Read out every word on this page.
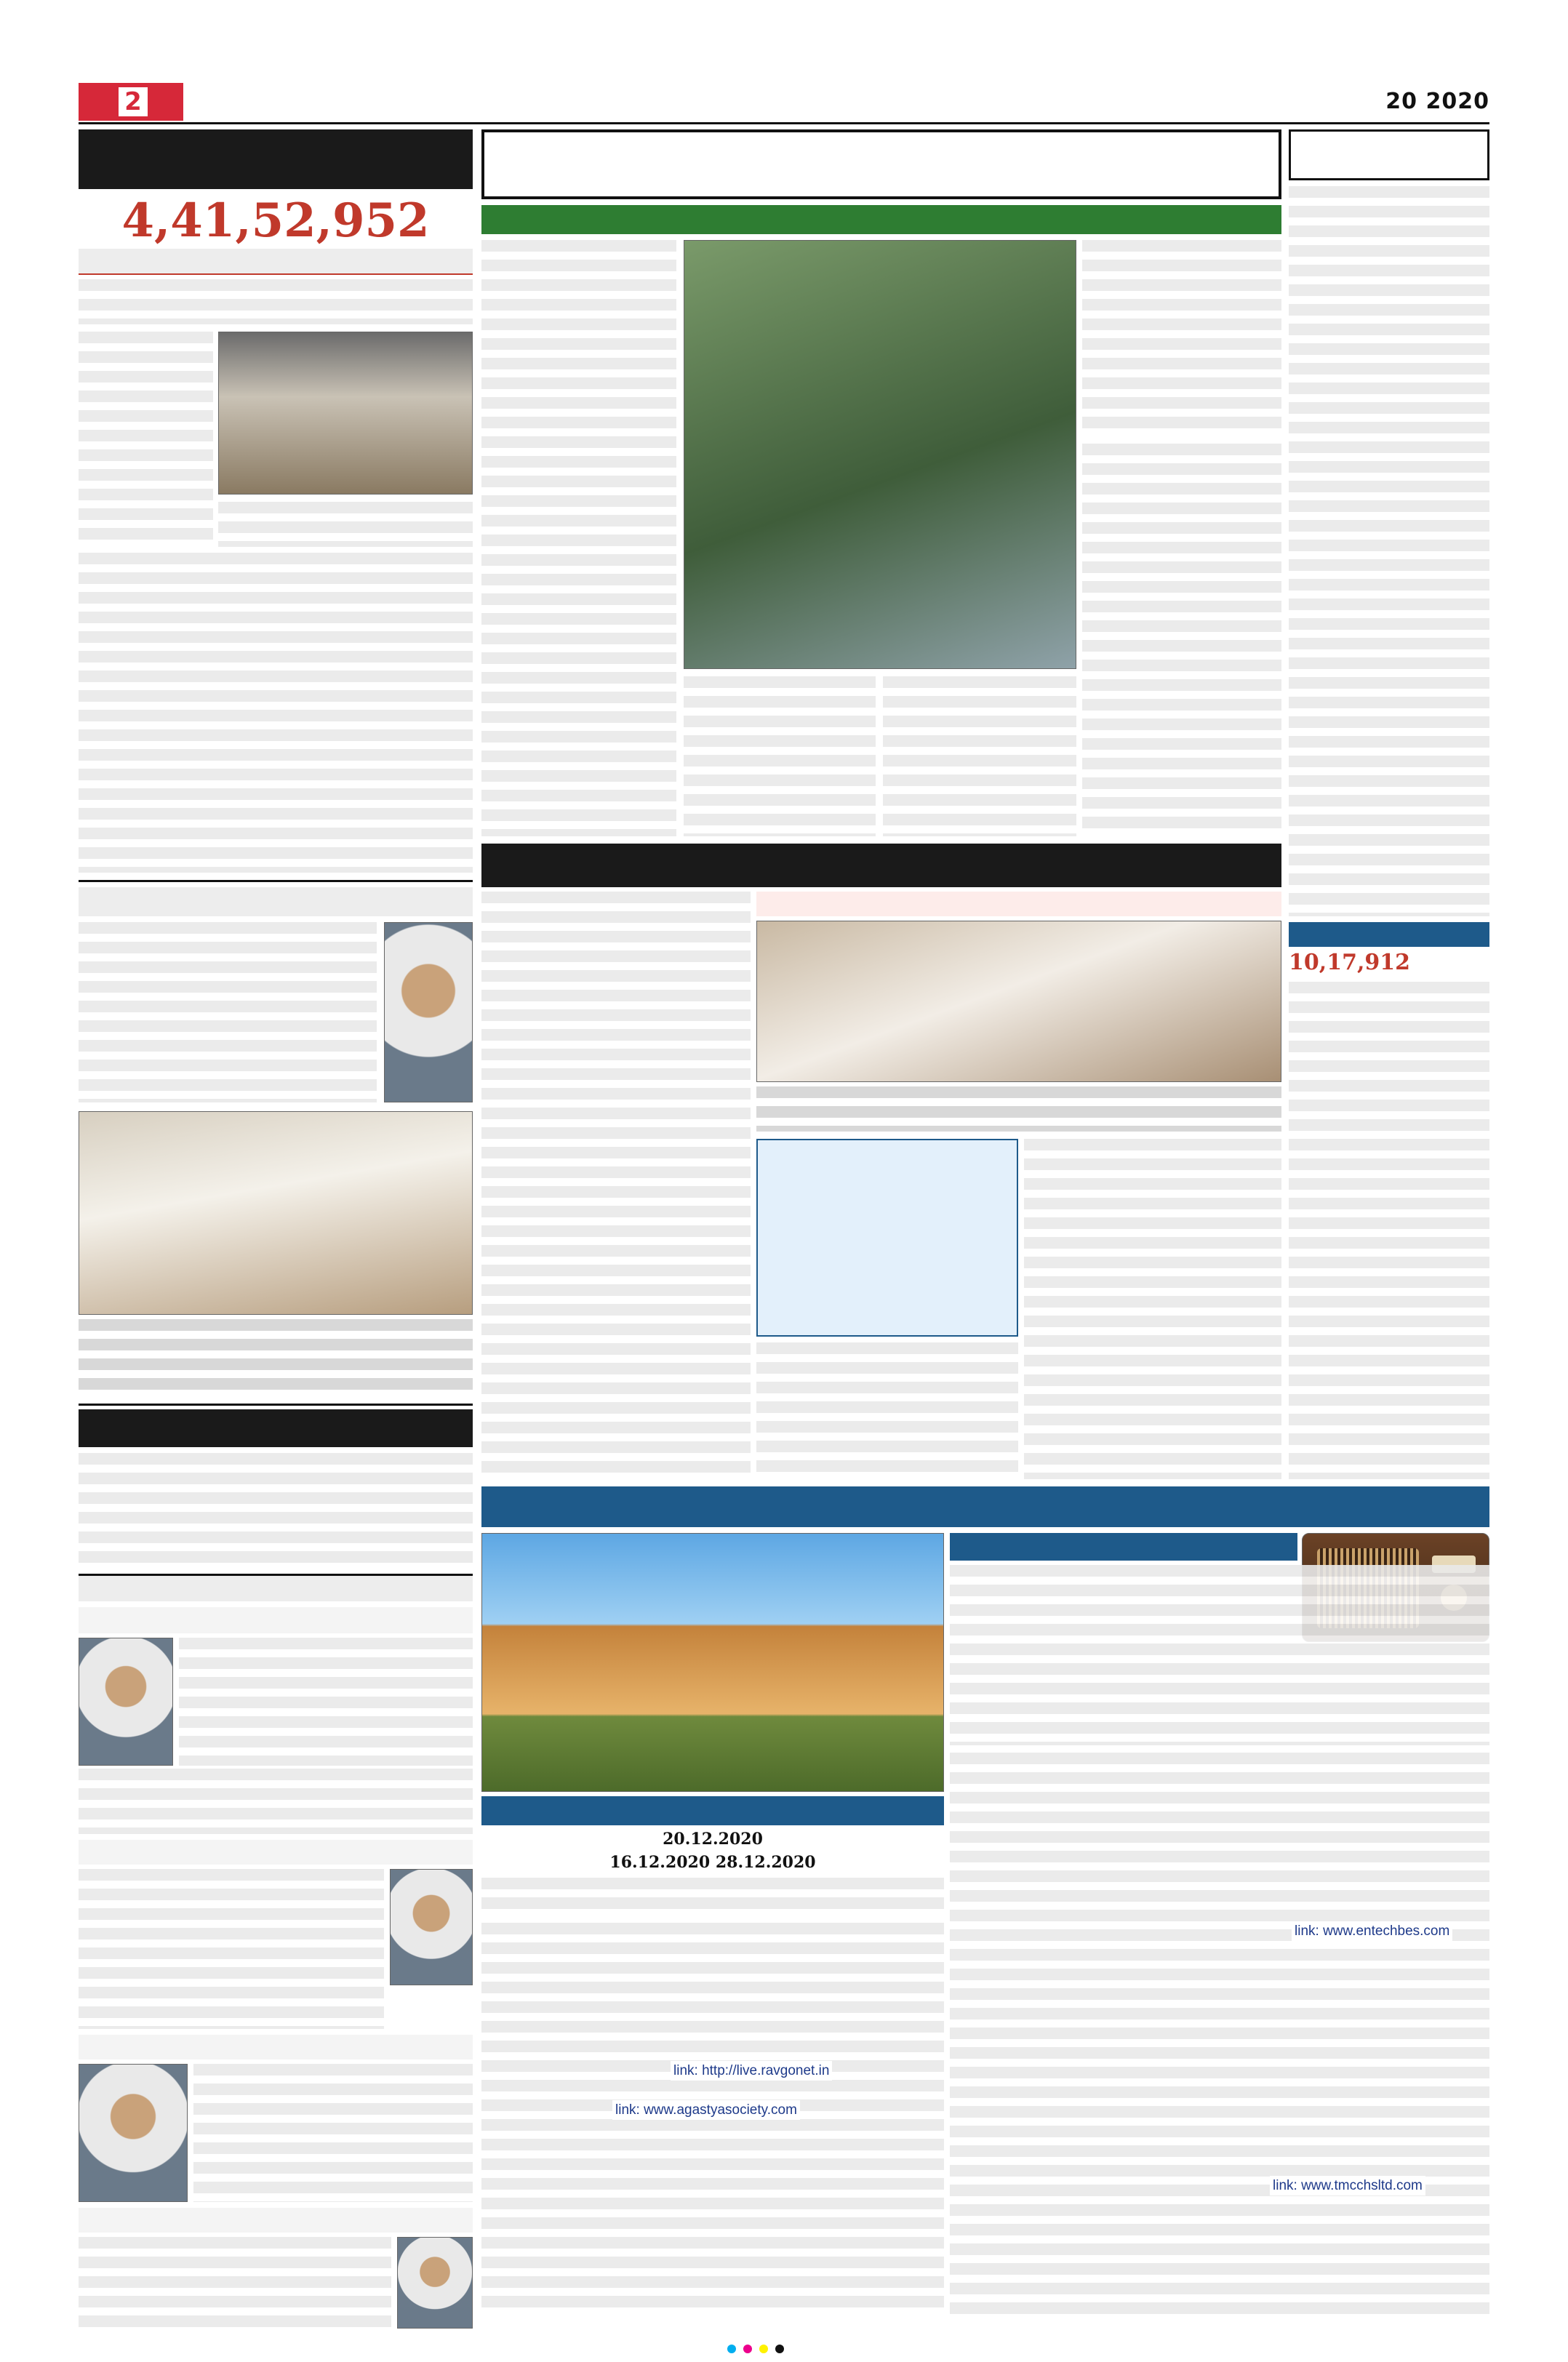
2	20 2020
4,41,52,952
10,17,912
20.12.2020
16.12.2020 28.12.2020
link: http://live.ravgonet.in
link: www.agastyasociety.com
link: www.entechbes.com
link: www.tmcchsltd.com
